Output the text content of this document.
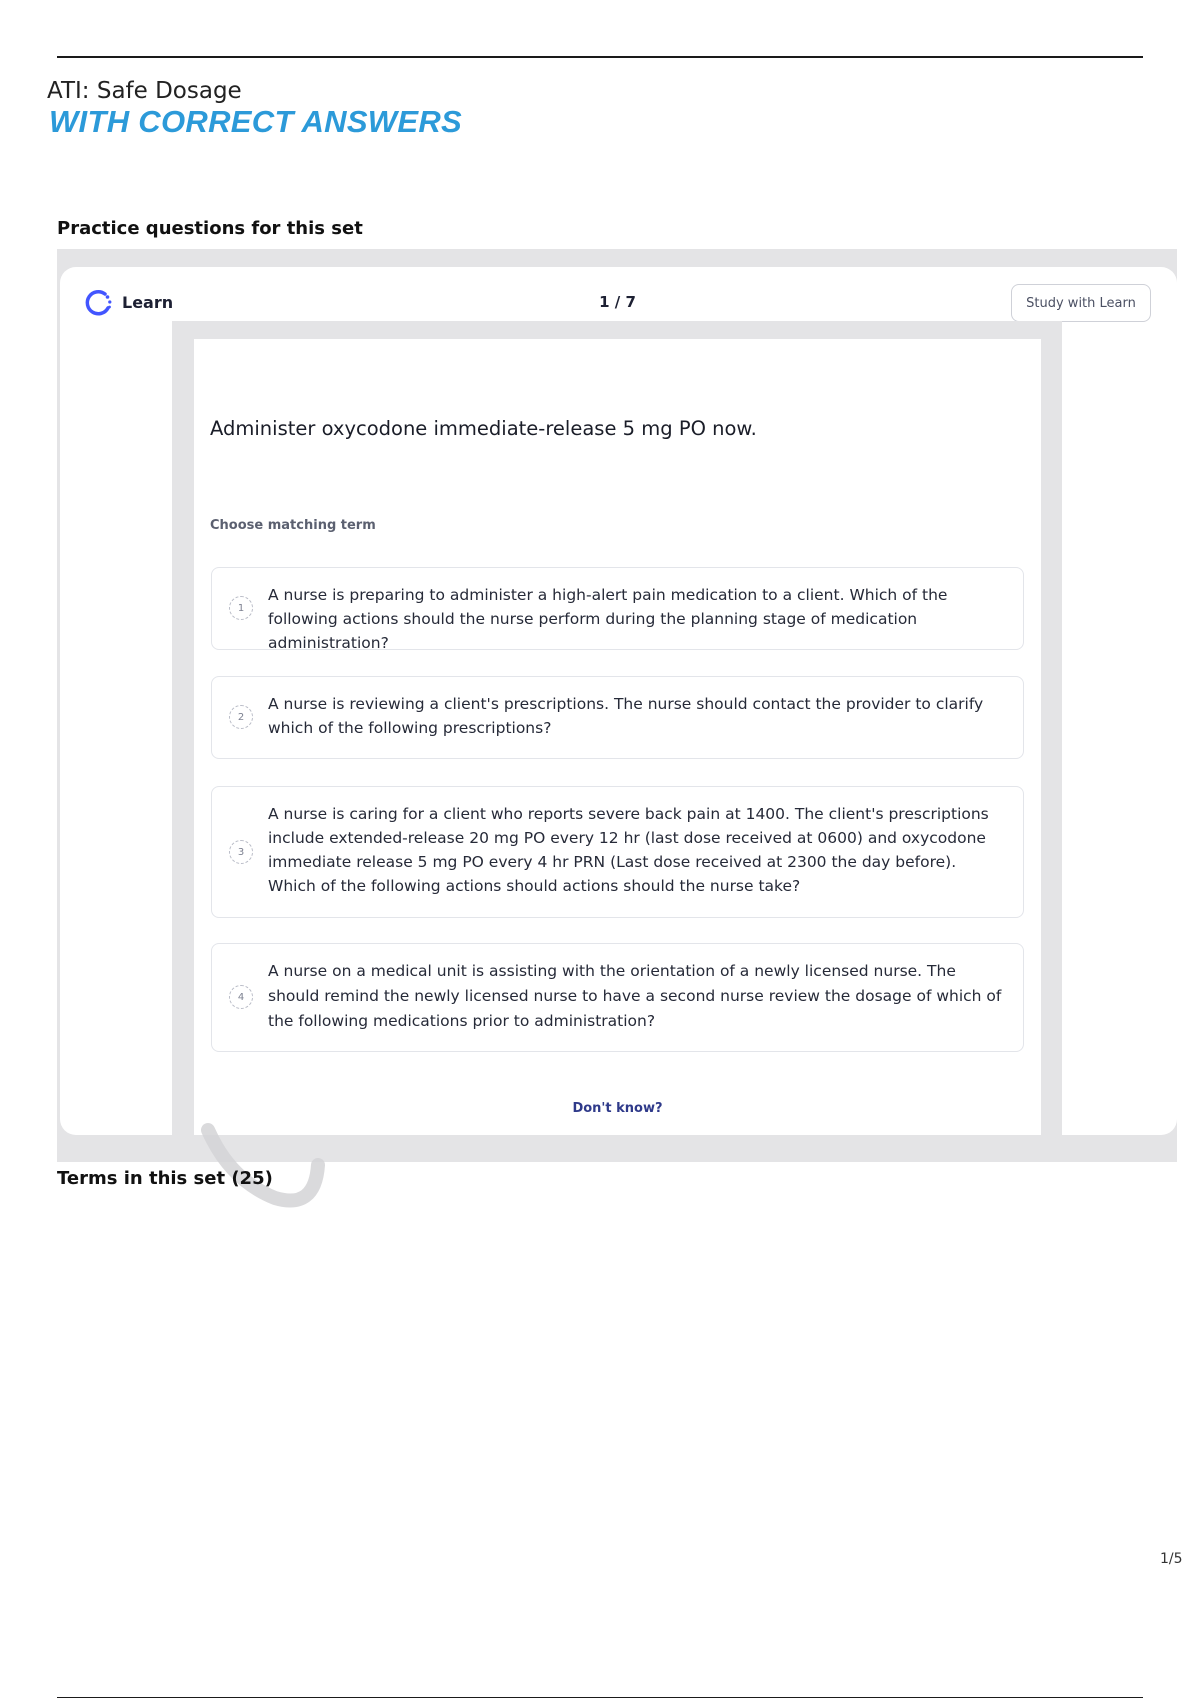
ATI: Safe Dosage
WITH CORRECT ANSWERS
Practice questions for this set
Learn	1 / 7	Study with Learn
Administer oxycodone immediate-release 5 mg PO now.
Choose matching term
1
A nurse is preparing to administer a high-alert pain medication to a client. Which of the following actions should the nurse perform during the planning stage of medication administration?
2
A nurse is reviewing a client's prescriptions. The nurse should contact the provider to clarify which of the following prescriptions?
3
A nurse is caring for a client who reports severe back pain at 1400. The client's prescriptions include extended-release 20 mg PO every 12 hr (last dose received at 0600) and oxycodone immediate release 5 mg PO every 4 hr PRN (Last dose received at 2300 the day before). Which of the following actions should actions should the nurse take?
4
A nurse on a medical unit is assisting with the orientation of a newly licensed nurse. The should remind the newly licensed nurse to have a second nurse review the dosage of which of the following medications prior to administration?
Don't know?
Terms in this set (25)
1/5
